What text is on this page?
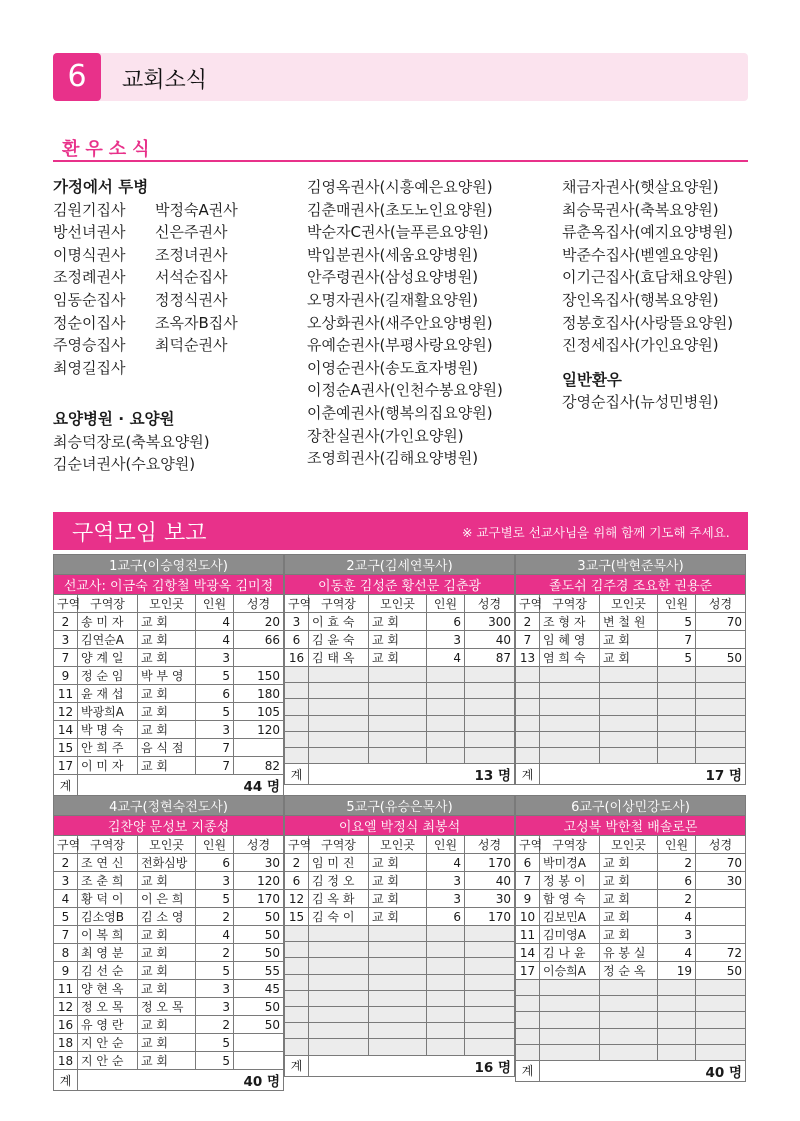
6	교회소식
환우소식
가정에서 투병
김원기집사	박정숙A권사
방선녀권사	신은주권사
이명식권사	조정녀권사
조정례권사	서석순집사
임동순집사	정정식권사
정순이집사	조옥자B집사
주영승집사	최덕순권사
최영길집사
요양병원 · 요양원
최승덕장로(축복요양원)
김순녀권사(수요양원)
김영옥권사(시흥예은요양원)
김춘매권사(초도노인요양원)
박순자C권사(늘푸른요양원)
박입분권사(세움요양병원)
안주령권사(삼성요양병원)
오명자권사(길재활요양원)
오상화권사(새주안요양병원)
유예순권사(부평사랑요양원)
이영순권사(송도효자병원)
이정순A권사(인천수봉요양원)
이춘예권사(행복의집요양원)
장찬실권사(가인요양원)
조영희권사(김해요양병원)
채금자권사(햇살요양원)
최승묵권사(축복요양원)
류춘옥집사(예지요양병원)
박준수집사(벧엘요양원)
이기근집사(효담채요양원)
장인옥집사(행복요양원)
정봉호집사(사랑뜰요양원)
진정세집사(가인요양원)
일반환우
강영순집사(뉴성민병원)
구역모임 보고	※ 교구별로 선교사님을 위해 함께 기도해 주세요.
1교구(이승영전도사)				
선교사: 이금숙 김항철 박광옥 김미정				
구역	구역장	모인곳	인원	성경
2	송 미 자	교 회	4	20
3	김연순A	교 회	4	66
7	양 계 일	교 회	3	
9	정 순 임	박 부 영	5	150
11	윤 재 섭	교 회	6	180
12	박광희A	교 회	5	105
14	박 명 숙	교 회	3	120
15	안 희 주	음 식 점	7	
17	이 미 자	교 회	7	82
계	44 명			
2교구(김세연목사)				
이동훈 김성준 황선문 김춘광				
구역	구역장	모인곳	인원	성경
3	이 효 숙	교 회	6	300
6	김 윤 숙	교 회	3	40
16	김 태 옥	교 회	4	87

계	13 명			
3교구(박현준목사)				
졸도쉬 김주경 조요한 권용준				
구역	구역장	모인곳	인원	성경
2	조 형 자	변 철 원	5	70
7	임 혜 영	교 회	7	
13	염 희 숙	교 회	5	50

계	17 명			
4교구(정현숙전도사)				
김찬양 문성보 지종성				
구역	구역장	모인곳	인원	성경
2	조 연 신	전화심방	6	30
3	조 춘 희	교 회	3	120
4	황 덕 이	이 은 희	5	170
5	김소영B	김 소 영	2	50
7	이 복 희	교 회	4	50
8	최 영 분	교 회	2	50
9	김 선 순	교 회	5	55
11	양 현 옥	교 회	3	45
12	정 오 목	정 오 목	3	50
16	유 영 란	교 회	2	50
18	지 안 순	교 회	5	
18	지 안 순	교 회	5	
계	40 명			
5교구(유승은목사)				
이요엘 박정식 최봉석				
구역	구역장	모인곳	인원	성경
2	임 미 진	교 회	4	170
6	김 정 오	교 회	3	40
12	김 옥 화	교 회	3	30
15	김 숙 이	교 회	6	170

계	16 명			
6교구(이상민강도사)				
고성복 박한철 배솔로몬				
구역	구역장	모인곳	인원	성경
6	박미경A	교 회	2	70
7	정 봉 이	교 회	6	30
9	함 영 숙	교 회	2	
10	김보민A	교 회	4	
11	김미영A	교 회	3	
14	김 나 윤	유 봉 실	4	72
17	이승희A	정 순 옥	19	50

계	40 명			
